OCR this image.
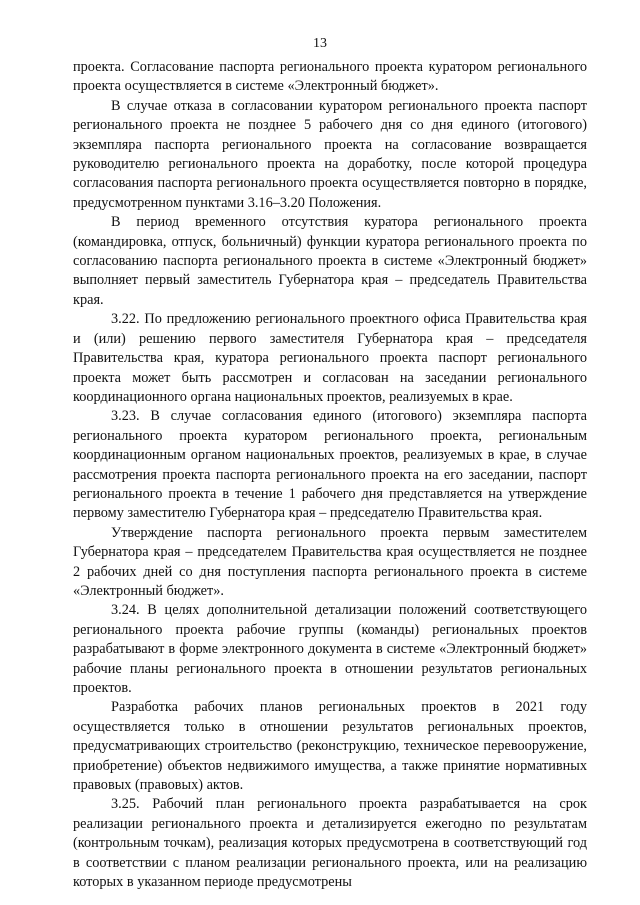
13

проекта. Согласование паспорта регионального проекта куратором регионального проекта осуществляется в системе «Электронный бюджет».

В случае отказа в согласовании куратором регионального проекта паспорт регионального проекта не позднее 5 рабочего дня со дня единого (итогового) экземпляра паспорта регионального проекта на согласование возвращается руководителю регионального проекта на доработку, после которой процедура согласования паспорта регионального проекта осуществляется повторно в порядке, предусмотренном пунктами 3.16–3.20 Положения.

В период временного отсутствия куратора регионального проекта (командировка, отпуск, больничный) функции куратора регионального проекта по согласованию паспорта регионального проекта в системе «Электронный бюджет» выполняет первый заместитель Губернатора края – председатель Правительства края.

3.22. По предложению регионального проектного офиса Правительства края и (или) решению первого заместителя Губернатора края – председателя Правительства края, куратора регионального проекта паспорт регионального проекта может быть рассмотрен и согласован на заседании регионального координационного органа национальных проектов, реализуемых в крае.

3.23. В случае согласования единого (итогового) экземпляра паспорта регионального проекта куратором регионального проекта, региональным координационным органом национальных проектов, реализуемых в крае, в случае рассмотрения проекта паспорта регионального проекта на его заседании, паспорт регионального проекта в течение 1 рабочего дня представляется на утверждение первому заместителю Губернатора края – председателю Правительства края.

Утверждение паспорта регионального проекта первым заместителем Губернатора края – председателем Правительства края осуществляется не позднее 2 рабочих дней со дня поступления паспорта регионального проекта в системе «Электронный бюджет».

3.24. В целях дополнительной детализации положений соответствующего регионального проекта рабочие группы (команды) региональных проектов разрабатывают в форме электронного документа в системе «Электронный бюджет» рабочие планы регионального проекта в отношении результатов региональных проектов.

Разработка рабочих планов региональных проектов в 2021 году осуществляется только в отношении результатов региональных проектов, предусматривающих строительство (реконструкцию, техническое перевооружение, приобретение) объектов недвижимого имущества, а также принятие нормативных правовых (правовых) актов.

3.25. Рабочий план регионального проекта разрабатывается на срок реализации регионального проекта и детализируется ежегодно по результатам (контрольным точкам), реализация которых предусмотрена в соответствующий год в соответствии с планом реализации регионального проекта, или на реализацию которых в указанном периоде предусмотрены
